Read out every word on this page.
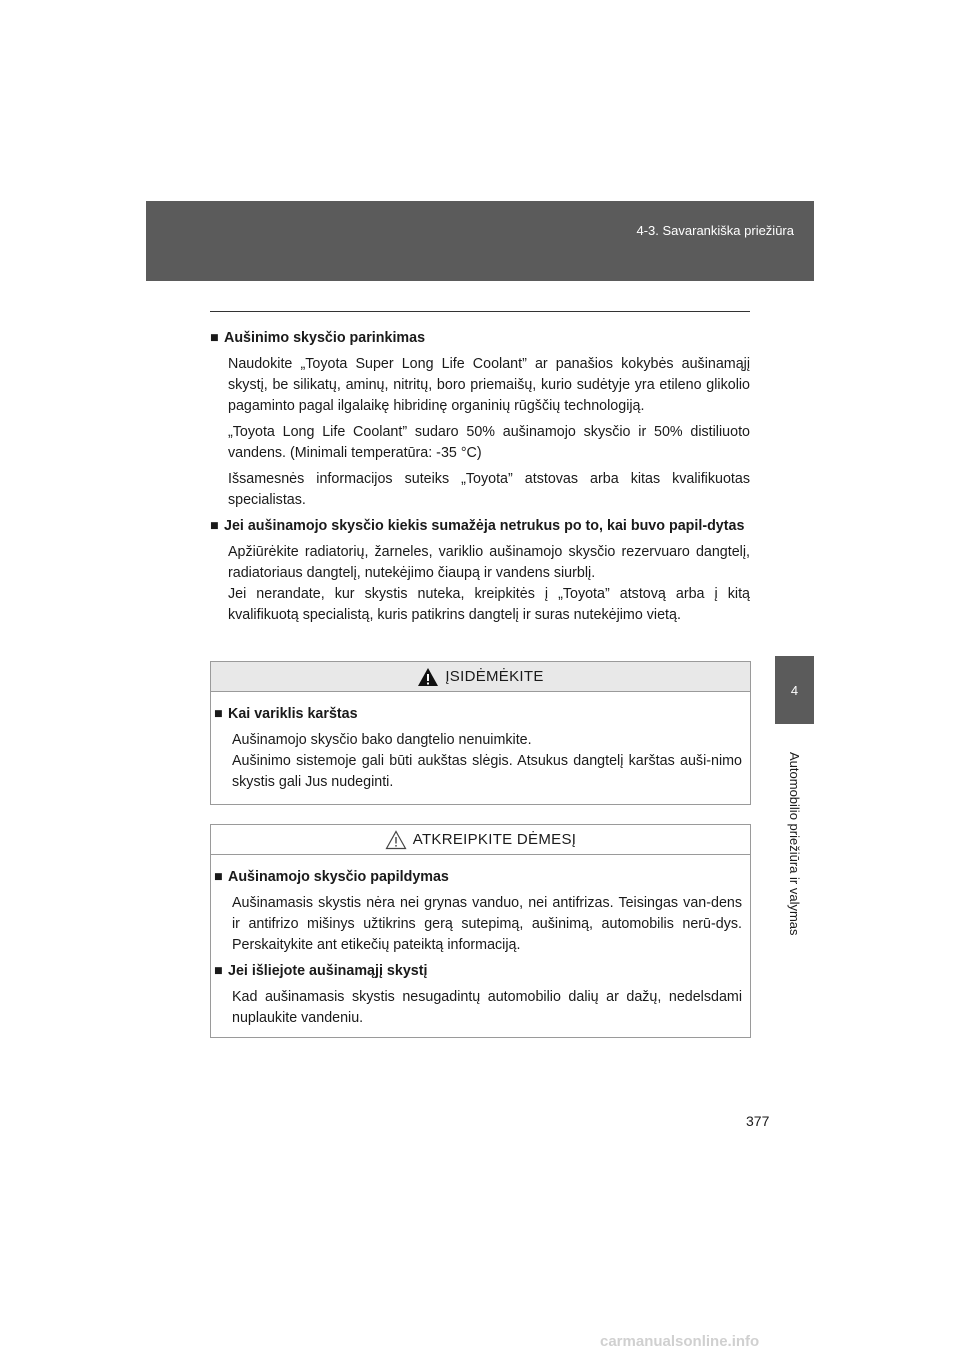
4-3. Savarankiška priežiūra
4
Automobilio priežiūra ir valymas
■ Aušinimo skysčio parinkimas
Naudokite „Toyota Super Long Life Coolant” ar panašios kokybės aušinamąjį skystį, be silikatų, aminų, nitritų, boro priemaišų, kurio sudėtyje yra etileno glikolio pagaminto pagal ilgalaikę hibridinę organinių rūgščių technologiją.
„Toyota Long Life Coolant” sudaro 50% aušinamojo skysčio ir 50% distiliuoto vandens. (Minimali temperatūra: -35 °C)
Išsamesnės informacijos suteiks „Toyota” atstovas arba kitas kvalifikuotas specialistas.
■ Jei aušinamojo skysčio kiekis sumažėja netrukus po to, kai buvo papil-dytas
Apžiūrėkite radiatorių, žarneles, variklio aušinamojo skysčio rezervuaro dangtelį, radiatoriaus dangtelį, nutekėjimo čiaupą ir vandens siurblį.
Jei nerandate, kur skystis nuteka, kreipkitės į „Toyota” atstovą arba į kitą kvalifikuotą specialistą, kuris patikrins dangtelį ir suras nutekėjimo vietą.
ĮSIDĖMĖKITE
■ Kai variklis karštas
Aušinamojo skysčio bako dangtelio nenuimkite.
Aušinimo sistemoje gali būti aukštas slėgis. Atsukus dangtelį karštas auši-nimo skystis gali Jus nudeginti.
ATKREIPKITE DĖMESĮ
■ Aušinamojo skysčio papildymas
Aušinamasis skystis nėra nei grynas vanduo, nei antifrizas. Teisingas van-dens ir antifrizo mišinys užtikrins gerą sutepimą, aušinimą, automobilis nerū-dys. Perskaitykite ant etikečių pateiktą informaciją.
■ Jei išliejote aušinamąjį skystį
Kad aušinamasis skystis nesugadintų automobilio dalių ar dažų, nedelsdami nuplaukite vandeniu.
377
carmanualsonline.info
